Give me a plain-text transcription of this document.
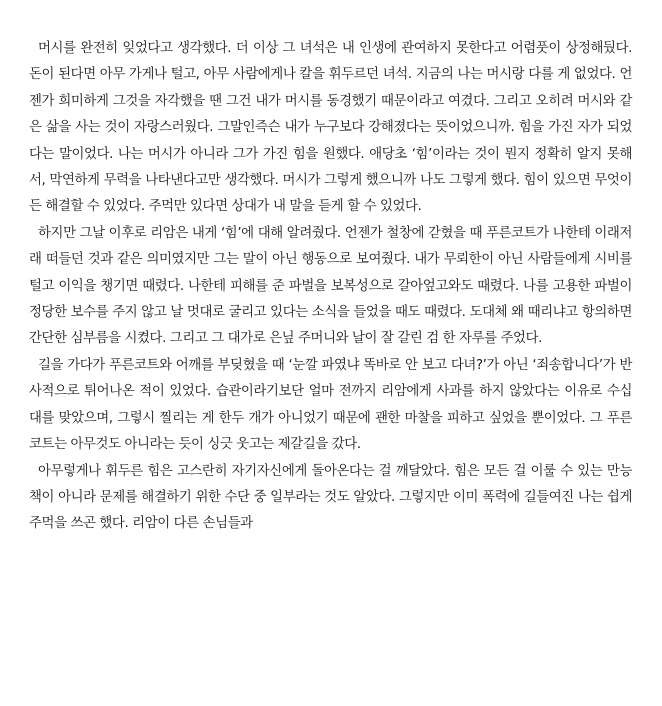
머시를 완전히 잊었다고 생각했다. 더 이상 그 녀석은 내 인생에 관여하지 못한다고 어렴풋이 상정해뒀다. 돈이 된다면 아무 가게나 털고, 아무 사람에게나 칼을 휘두르던 녀석. 지금의 나는 머시랑 다를 게 없었다. 언젠가 희미하게 그것을 자각했을 땐 그건 내가 머시를 동경했기 때문이라고 여겼다. 그리고 오히려 머시와 같은 삶을 사는 것이 자랑스러웠다. 그말인즉슨 내가 누구보다 강해졌다는 뜻이었으니까. 힘을 가진 자가 되었다는 말이었다. 나는 머시가 아니라 그가 가진 힘을 원했다. 애당초 ‘힘’이라는 것이 뭔지 정확히 알지 못해서, 막연하게 무력을 나타낸다고만 생각했다. 머시가 그렇게 했으니까 나도 그렇게 했다. 힘이 있으면 무엇이든 해결할 수 있었다. 주먹만 있다면 상대가 내 말을 듣게 할 수 있었다.

하지만 그날 이후로 리암은 내게 ‘힘’에 대해 알려줬다. 언젠가 철창에 갇혔을 때 푸른코트가 나한테 이래저래 떠들던 것과 같은 의미였지만 그는 말이 아닌 행동으로 보여줬다. 내가 무뢰한이 아닌 사람들에게 시비를 털고 이익을 챙기면 때렸다. 나한테 피해를 준 파벌을 보복성으로 갈아엎고와도 때렸다. 나를 고용한 파벌이 정당한 보수를 주지 않고 날 멋대로 굴리고 있다는 소식을 들었을 때도 때렸다. 도대체 왜 때리냐고 항의하면 간단한 심부름을 시켰다. 그리고 그 대가로 은닢 주머니와 날이 잘 갈린 검 한 자루를 주었다.

길을 가다가 푸른코트와 어깨를 부딪혔을 때 ‘눈깔 파였냐 똑바로 안 보고 다녀?’가 아닌 ‘죄송합니다’가 반사적으로 튀어나온 적이 있었다. 습관이라기보단 얼마 전까지 리암에게 사과를 하지 않았다는 이유로 수십 대를 맞았으며, 그렇시 찔리는 게 한두 개가 아니었기 때문에 괜한 마찰을 피하고 싶었을 뿐이었다. 그 푸른코트는 아무것도 아니라는 듯이 싱긋 웃고는 제갈길을 갔다.

아무렇게나 휘두른 힘은 고스란히 자기자신에게 돌아온다는 걸 깨달았다. 힘은 모든 걸 이룰 수 있는 만능책이 아니라 문제를 해결하기 위한 수단 중 일부라는 것도 알았다. 그렇지만 이미 폭력에 길들여진 나는 쉽게 주먹을 쓰곤 했다. 리암이 다른 손님들과
